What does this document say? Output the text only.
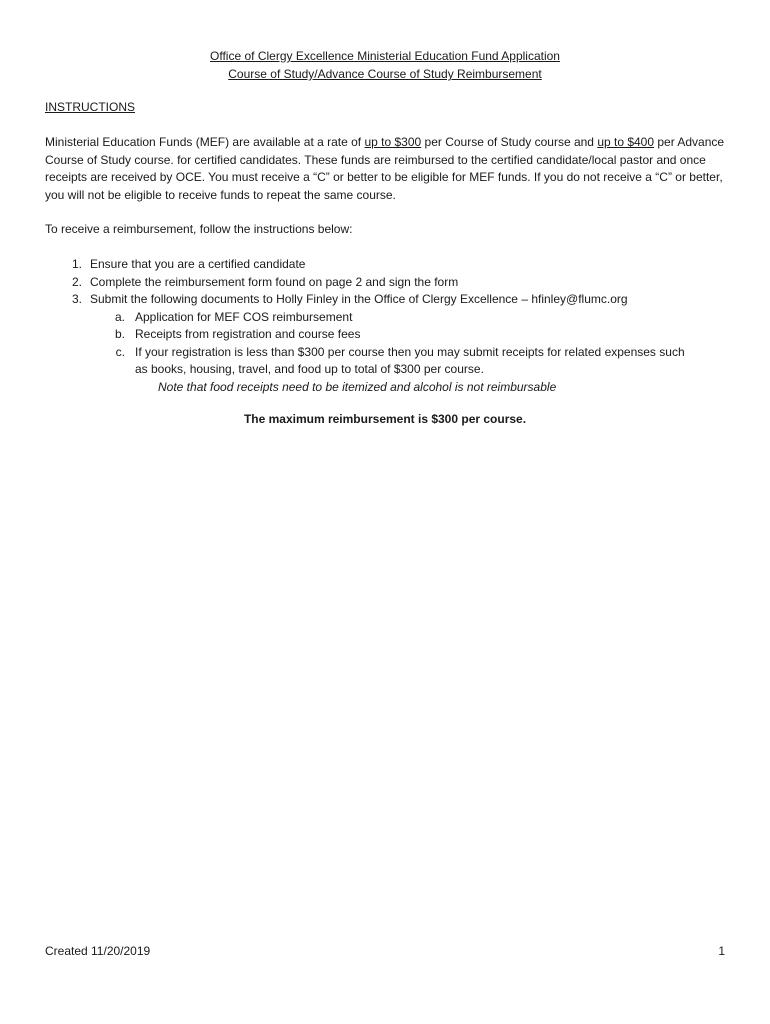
Office of Clergy Excellence Ministerial Education Fund Application
Course of Study/Advance Course of Study Reimbursement
INSTRUCTIONS

Ministerial Education Funds (MEF) are available at a rate of up to $300 per Course of Study course and up to $400 per Advance Course of Study course. for certified candidates. These funds are reimbursed to the certified candidate/local pastor and once receipts are received by OCE. You must receive a “C” or better to be eligible for MEF funds. If you do not receive a “C” or better, you will not be eligible to receive funds to repeat the same course.

To receive a reimbursement, follow the instructions below:

1. Ensure that you are a certified candidate
2. Complete the reimbursement form found on page 2 and sign the form
3. Submit the following documents to Holly Finley in the Office of Clergy Excellence – hfinley@flumc.org
a. Application for MEF COS reimbursement
b. Receipts from registration and course fees
c. If your registration is less than $300 per course then you may submit receipts for related expenses such as books, housing, travel, and food up to total of $300 per course.
Note that food receipts need to be itemized and alcohol is not reimbursable
The maximum reimbursement is $300 per course.
Created 11/20/2019	1
